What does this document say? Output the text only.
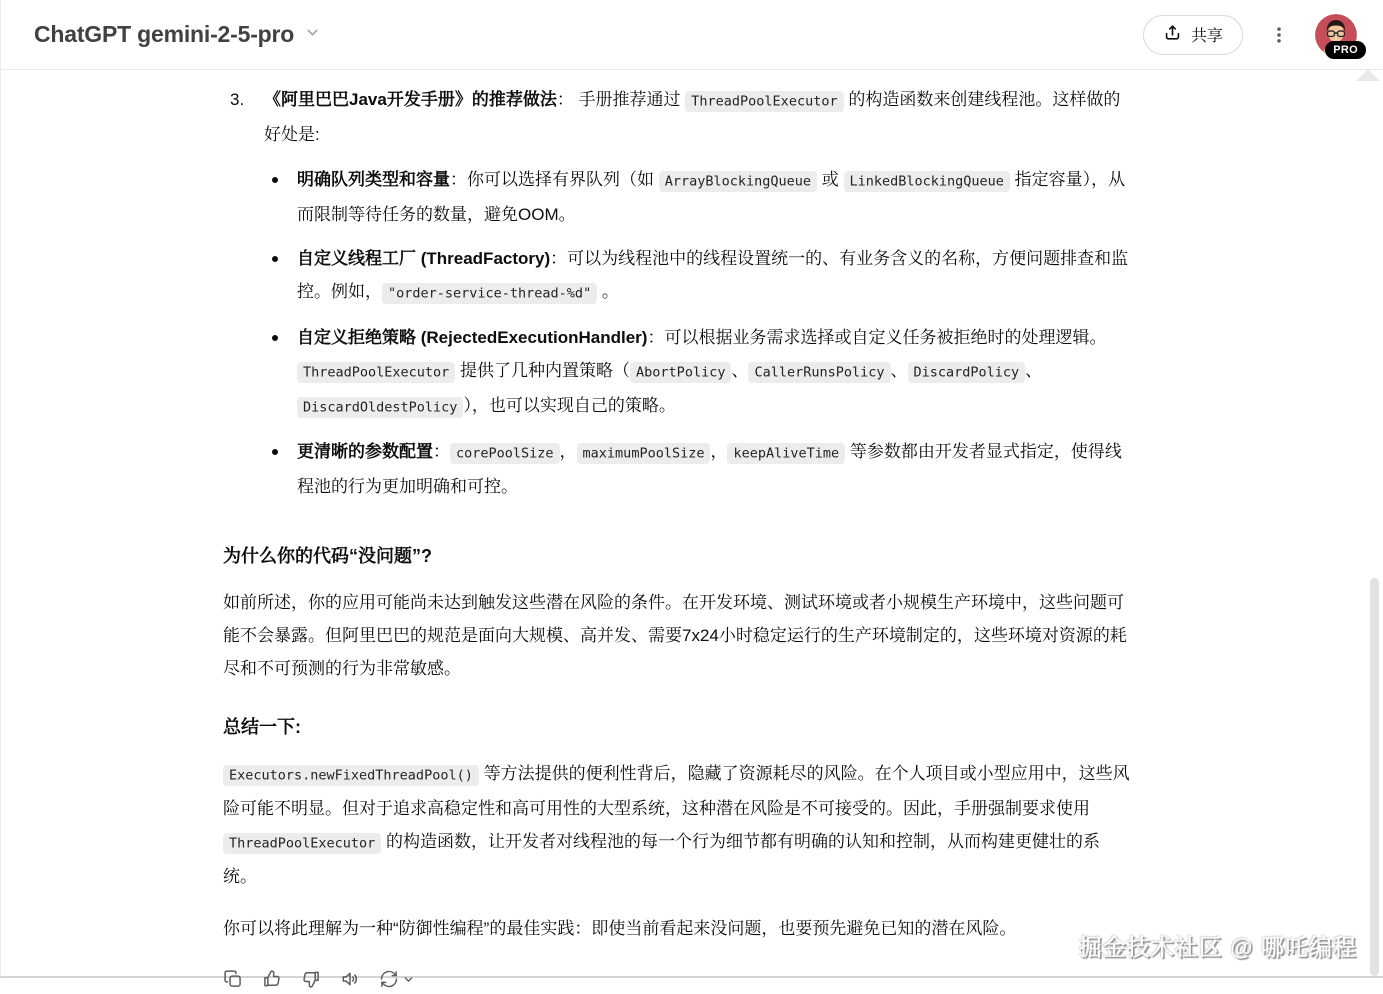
ChatGPT gemini-2-5-pro	共享
PRO
3.	《阿里巴巴Java开发手册》的推荐做法： 手册推荐通过 ThreadPoolExecutor 的构造函数来创建线程池。这样做的好处是:
明确队列类型和容量：你可以选择有界队列（如 ArrayBlockingQueue 或 LinkedBlockingQueue 指定容量），从而限制等待任务的数量，避免OOM。
自定义线程工厂 (ThreadFactory)：可以为线程池中的线程设置统一的、有业务含义的名称，方便问题排查和监控。例如， "order-service-thread-%d" 。
自定义拒绝策略 (RejectedExecutionHandler)：可以根据业务需求选择或自定义任务被拒绝时的处理逻辑。ThreadPoolExecutor 提供了几种内置策略（ AbortPolicy 、 CallerRunsPolicy 、 DiscardPolicy 、DiscardOldestPolicy ），也可以实现自己的策略。
更清晰的参数配置： corePoolSize ， maximumPoolSize ， keepAliveTime 等参数都由开发者显式指定，使得线程池的行为更加明确和可控。
为什么你的代码“没问题”?

如前所述，你的应用可能尚未达到触发这些潜在风险的条件。在开发环境、测试环境或者小规模生产环境中，这些问题可能不会暴露。但阿里巴巴的规范是面向大规模、高并发、需要7x24小时稳定运行的生产环境制定的，这些环境对资源的耗尽和不可预测的行为非常敏感。

总结一下:

Executors.newFixedThreadPool() 等方法提供的便利性背后，隐藏了资源耗尽的风险。在个人项目或小型应用中，这些风险可能不明显。但对于追求高稳定性和高可用性的大型系统，这种潜在风险是不可接受的。因此，手册强制要求使用 ThreadPoolExecutor 的构造函数，让开发者对线程池的每一个行为细节都有明确的认知和控制，从而构建更健壮的系统。

你可以将此理解为一种“防御性编程”的最佳实践：即使当前看起来没问题，也要预先避免已知的潜在风险。

掘金技术社区 @ 哪吒编程
